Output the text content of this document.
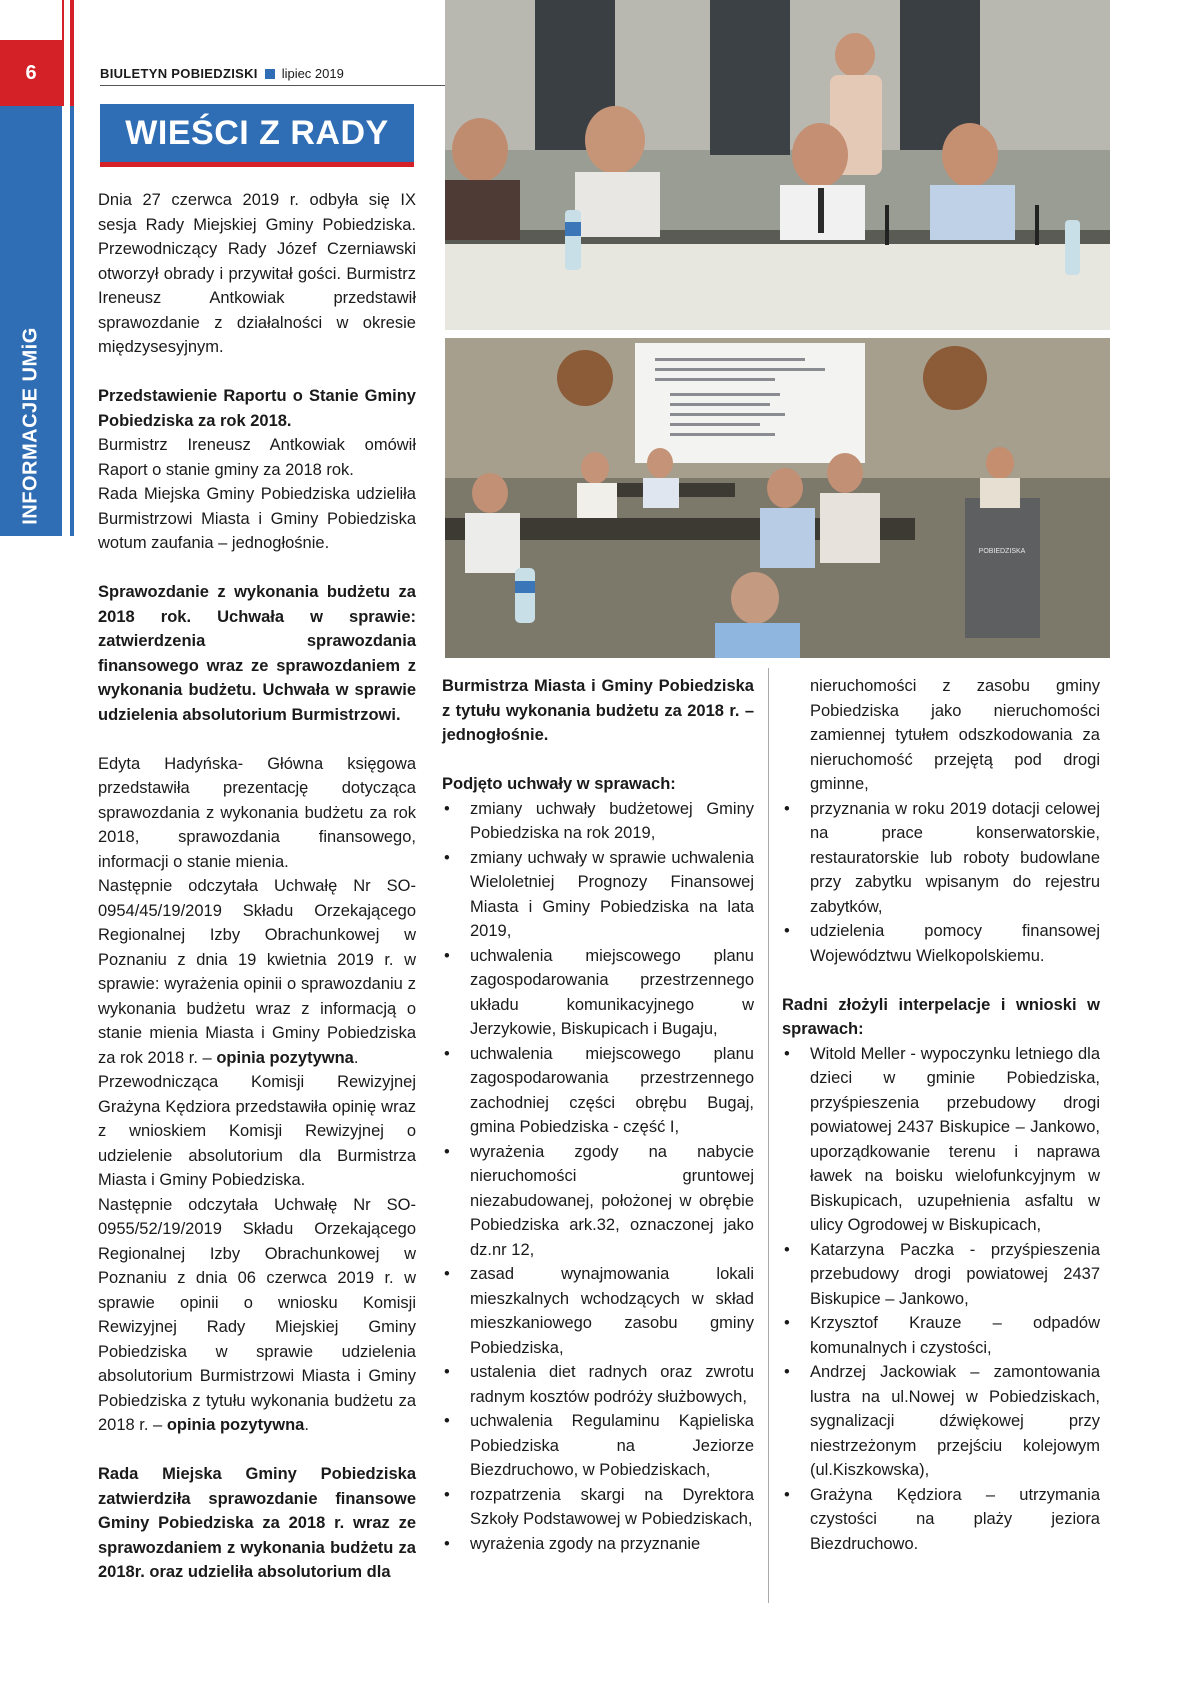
6
INFORMACJE UMiG
BIULETYN POBIEDZISKI lipiec 2019
WIEŚCI Z RADY
POBIEDZISKA

Dnia 27 czerwca 2019 r. odbyła się IX sesja Rady Miejskiej Gminy Pobiedziska. Przewodniczący Rady Józef Czerniawski otworzył obrady i przywitał gości. Burmistrz Ireneusz Antkowiak przedstawił sprawozdanie z działalności w okresie międzysesyjnym.

Przedstawienie Raportu o Stanie Gminy Pobiedziska za rok 2018.

Burmistrz Ireneusz Antkowiak omówił Raport o stanie gminy za 2018 rok.

Rada Miejska Gminy Pobiedziska udzieliła Burmistrzowi Miasta i Gminy Pobiedziska wotum zaufania – jednogłośnie.

Sprawozdanie z wykonania budżetu za 2018 rok. Uchwała w sprawie: zatwierdzenia sprawozdania finansowego wraz ze sprawozdaniem z wykonania budżetu. Uchwała w sprawie udzielenia absolutorium Burmistrzowi.

Edyta Hadyńska- Główna księgowa przedstawiła prezentację dotycząca sprawozdania z wykonania budżetu za rok 2018, sprawozdania finansowego, informacji o stanie mienia.

Następnie odczytała Uchwałę Nr SO-0954/45/19/2019 Składu Orzekającego Regionalnej Izby Obrachunkowej w Poznaniu z dnia 19 kwietnia 2019 r. w sprawie: wyrażenia opinii o sprawozdaniu z wykonania budżetu wraz z informacją o stanie mienia Miasta i Gminy Pobiedziska za rok 2018 r. – opinia pozytywna.

Przewodnicząca Komisji Rewizyjnej Grażyna Kędziora przedstawiła opinię wraz z wnioskiem Komisji Rewizyjnej o udzielenie absolutorium dla Burmistrza Miasta i Gminy Pobiedziska.

Następnie odczytała Uchwałę Nr SO-0955/52/19/2019 Składu Orzekającego Regionalnej Izby Obrachunkowej w Poznaniu z dnia 06 czerwca 2019 r. w sprawie opinii o wniosku Komisji Rewizyjnej Rady Miejskiej Gminy Pobiedziska w sprawie udzielenia absolutorium Burmistrzowi Miasta i Gminy Pobiedziska z tytułu wykonania budżetu za 2018 r. – opinia pozytywna.

Rada Miejska Gminy Pobiedziska zatwierdziła sprawozdanie finansowe Gminy Pobiedziska za 2018 r. wraz ze sprawozdaniem z wykonania budżetu za 2018r. oraz udzieliła absolutorium dla

Burmistrza Miasta i Gminy Pobiedziska z tytułu wykonania budżetu za 2018 r. – jednogłośnie.

Podjęto uchwały w sprawach:

• zmiany uchwały budżetowej Gminy Pobiedziska na rok 2019,
• zmiany uchwały w sprawie uchwalenia Wieloletniej Prognozy Finansowej Miasta i Gminy Pobiedziska na lata 2019,
• uchwalenia miejscowego planu zagospodarowania przestrzennego układu komunikacyjnego w Jerzykowie, Biskupicach i Bugaju,
• uchwalenia miejscowego planu zagospodarowania przestrzennego zachodniej części obrębu Bugaj, gmina Pobiedziska - część I,
• wyrażenia zgody na nabycie nieruchomości gruntowej niezabudowanej, położonej w obrębie Pobiedziska ark.32, oznaczonej jako dz.nr 12,
• zasad wynajmowania lokali mieszkalnych wchodzących w skład mieszkaniowego zasobu gminy Pobiedziska,
• ustalenia diet radnych oraz zwrotu radnym kosztów podróży służbowych,
• uchwalenia Regulaminu Kąpieliska Pobiedziska na Jeziorze Biezdruchowo, w Pobiedziskach,
• rozpatrzenia skargi na Dyrektora Szkoły Podstawowej w Pobiedziskach,
• wyrażenia zgody na przyznanie

nieruchomości z zasobu gminy Pobiedziska jako nieruchomości zamiennej tytułem odszkodowania za nieruchomość przejętą pod drogi gminne,

• przyznania w roku 2019 dotacji celowej na prace konserwatorskie, restauratorskie lub roboty budowlane przy zabytku wpisanym do rejestru zabytków,
• udzielenia pomocy finansowej Województwu Wielkopolskiemu.

Radni złożyli interpelacje i wnioski w sprawach:

• Witold Meller - wypoczynku letniego dla dzieci w gminie Pobiedziska, przyśpieszenia przebudowy drogi powiatowej 2437 Biskupice – Jankowo, uporządkowanie terenu i naprawa ławek na boisku wielofunkcyjnym w Biskupicach, uzupełnienia asfaltu w ulicy Ogrodowej w Biskupicach,
• Katarzyna Paczka - przyśpieszenia przebudowy drogi powiatowej 2437 Biskupice – Jankowo,
• Krzysztof Krauze – odpadów komunalnych i czystości,
• Andrzej Jackowiak – zamontowania lustra na ul.Nowej w Pobiedziskach, sygnalizacji dźwiękowej przy niestrzeżonym przejściu kolejowym (ul.Kiszkowska),
• Grażyna Kędziora – utrzymania czystości na plaży jeziora Biezdruchowo.
